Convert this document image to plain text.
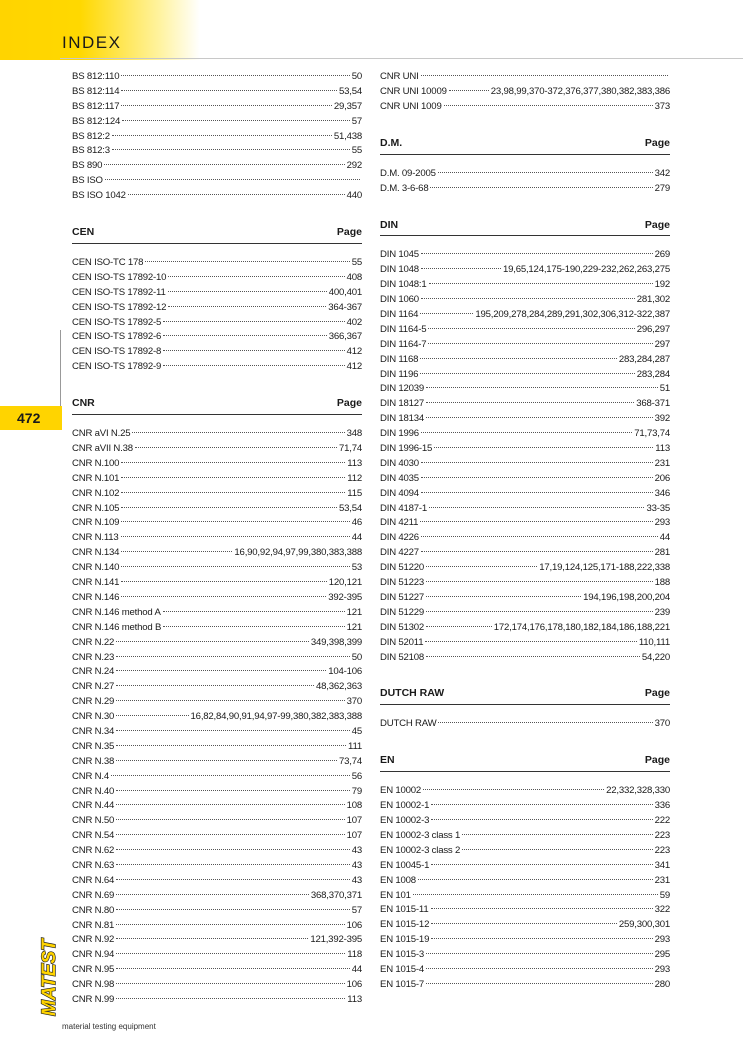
INDEX
472
BS 812:110	50
BS 812:114	53,54
BS 812:117	29,357
BS 812:124	57
BS 812:2	51,438
BS 812:3	55
BS 890	292
BS ISO
BS ISO 1042	440
CEN	Page
CEN ISO-TC 178	55
CEN ISO-TS 17892-10	408
CEN ISO-TS 17892-11	400,401
CEN ISO-TS 17892-12	364-367
CEN ISO-TS 17892-5	402
CEN ISO-TS 17892-6	366,367
CEN ISO-TS 17892-8	412
CEN ISO-TS 17892-9	412
CNR	Page
CNR aVI N.25	348
CNR aVII N.38	71,74
CNR N.100	113
CNR N.101	112
CNR N.102	115
CNR N.105	53,54
CNR N.109	46
CNR N.113	44
CNR N.134	16,90,92,94,97,99,380,383,388
CNR N.140	53
CNR N.141	120,121
CNR N.146	392-395
CNR N.146 method A	121
CNR N.146 method B	121
CNR N.22	349,398,399
CNR N.23	50
CNR N.24	104-106
CNR N.27	48,362,363
CNR N.29	370
CNR N.30	16,82,84,90,91,94,97-99,380,382,383,388
CNR N.34	45
CNR N.35	111
CNR N.38	73,74
CNR N.4	56
CNR N.40	79
CNR N.44	108
CNR N.50	107
CNR N.54	107
CNR N.62	43
CNR N.63	43
CNR N.64	43
CNR N.69	368,370,371
CNR N.80	57
CNR N.81	106
CNR N.92	121,392-395
CNR N.94	118
CNR N.95	44
CNR N.98	106
CNR N.99	113
CNR UNI
CNR UNI 10009	23,98,99,370-372,376,377,380,382,383,386
CNR UNI 1009	373
D.M.	Page
D.M. 09-2005	342
D.M. 3-6-68	279
DIN	Page
DIN 1045	269
DIN 1048	19,65,124,175-190,229-232,262,263,275
DIN 1048:1	192
DIN 1060	281,302
DIN 1164	195,209,278,284,289,291,302,306,312-322,387
DIN 1164-5	296,297
DIN 1164-7	297
DIN 1168	283,284,287
DIN 1196	283,284
DIN 12039	51
DIN 18127	368-371
DIN 18134	392
DIN 1996	71,73,74
DIN 1996-15	113
DIN 4030	231
DIN 4035	206
DIN 4094	346
DIN 4187-1	33-35
DIN 4211	293
DIN 4226	44
DIN 4227	281
DIN 51220	17,19,124,125,171-188,222,338
DIN 51223	188
DIN 51227	194,196,198,200,204
DIN 51229	239
DIN 51302	172,174,176,178,180,182,184,186,188,221
DIN 52011	110,111
DIN 52108	54,220
DUTCH RAW	Page
DUTCH RAW	370
EN	Page
EN 10002	22,332,328,330
EN 10002-1	336
EN 10002-3	222
EN 10002-3 class 1	223
EN 10002-3 class 2	223
EN 10045-1	341
EN 1008	231
EN 101	59
EN 1015-11	322
EN 1015-12	259,300,301
EN 1015-19	293
EN 1015-3	295
EN 1015-4	293
EN 1015-7	280
MATEST
material testing equipment
